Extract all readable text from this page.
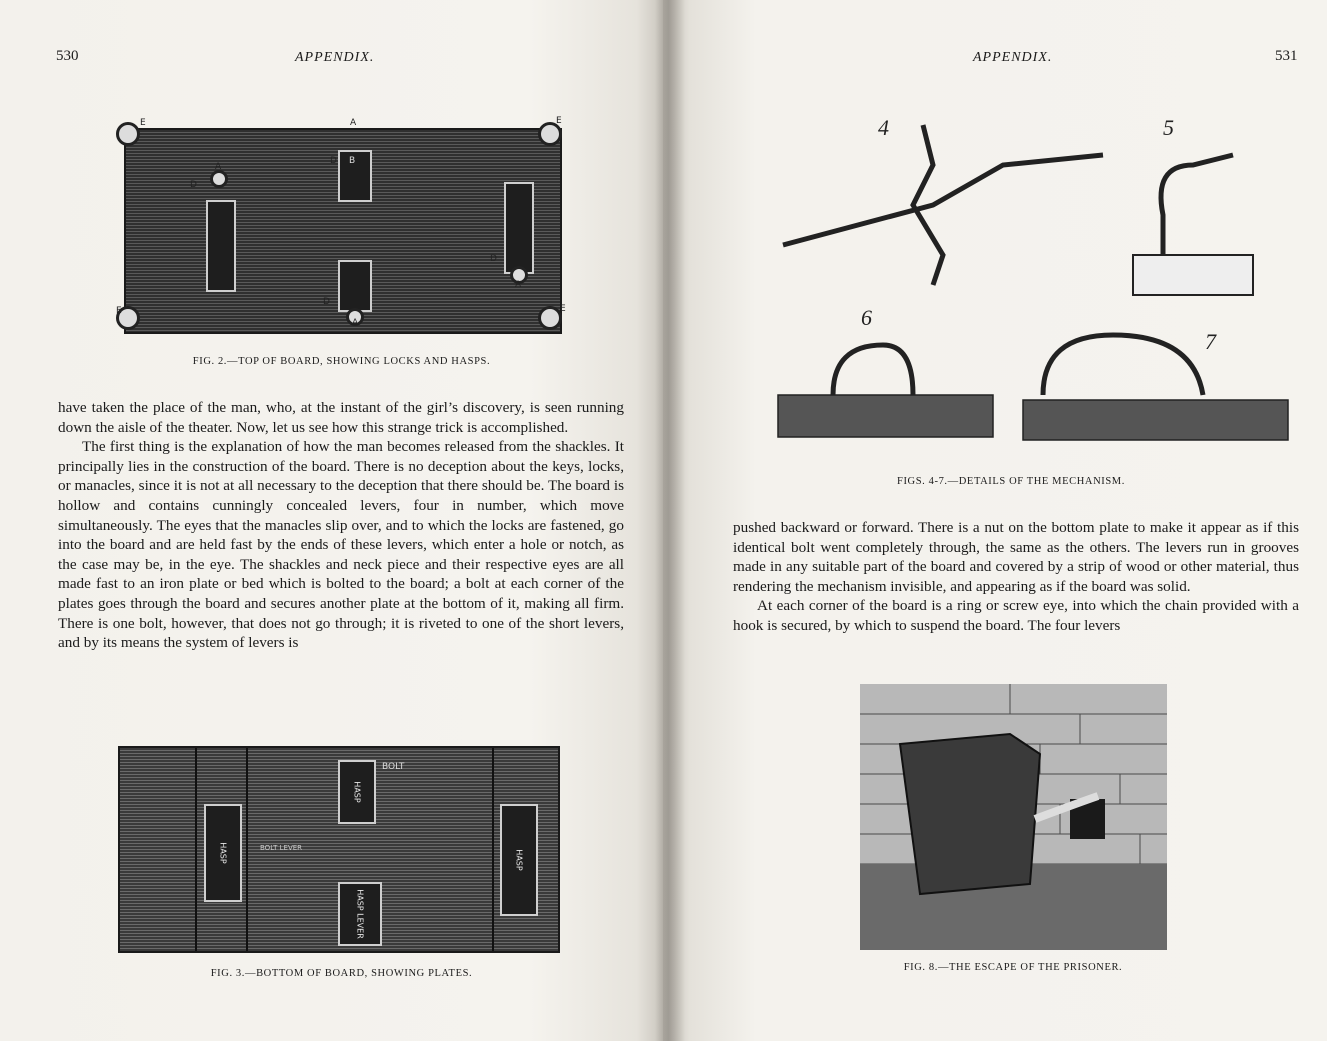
530	APPENDIX.
E	E
E	E
A
A
A
A
D
D
D
D
B
FIG. 2.—TOP OF BOARD, SHOWING LOCKS AND HASPS.

have taken the place of the man, who, at the instant of the girl’s discovery, is seen running down the aisle of the theater. Now, let us see how this strange trick is accomplished.

The first thing is the explanation of how the man becomes released from the shackles. It principally lies in the construction of the board. There is no deception about the keys, locks, or manacles, since it is not at all necessary to the deception that there should be. The board is hollow and contains cunningly concealed levers, four in number, which move simultaneously. The eyes that the manacles slip over, and to which the locks are fastened, go into the board and are held fast by the ends of these levers, which enter a hole or notch, as the case may be, in the eye. The shackles and neck piece and their respective eyes are all made fast to an iron plate or bed which is bolted to the board; a bolt at each corner of the plates goes through the board and secures another plate at the bottom of it, making all firm. There is one bolt, however, that does not go through; it is riveted to one of the short levers, and by its means the system of levers is

HASP
HASP
HASP LEVER
HASP
BOLT
BOLT LEVER
FIG. 3.—BOTTOM OF BOARD, SHOWING PLATES.
APPENDIX.	531
4	5
6
7
FIGS. 4-7.—DETAILS OF THE MECHANISM.

pushed backward or forward. There is a nut on the bottom plate to make it appear as if this identical bolt went completely through, the same as the others. The levers run in grooves made in any suitable part of the board and covered by a strip of wood or other material, thus rendering the mechanism invisible, and appearing as if the board was solid.

At each corner of the board is a ring or screw eye, into which the chain provided with a hook is secured, by which to suspend the board. The four levers

FIG. 8.—THE ESCAPE OF THE PRISONER.
